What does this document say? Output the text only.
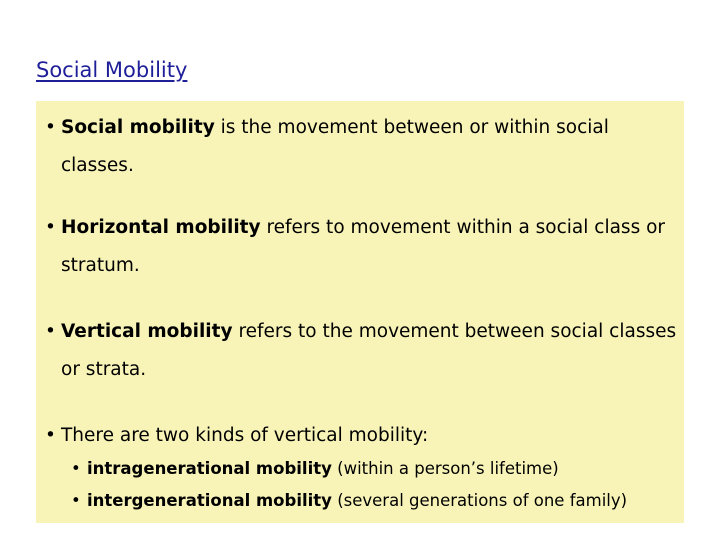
Social Mobility
• Social mobility is the movement between or within social classes.
• Horizontal mobility refers to movement within a social class or stratum.
• Vertical mobility refers to the movement between social classes or strata.
• There are two kinds of vertical mobility:
• intragenerational mobility (within a person’s lifetime)
• intergenerational mobility (several generations of one family)
